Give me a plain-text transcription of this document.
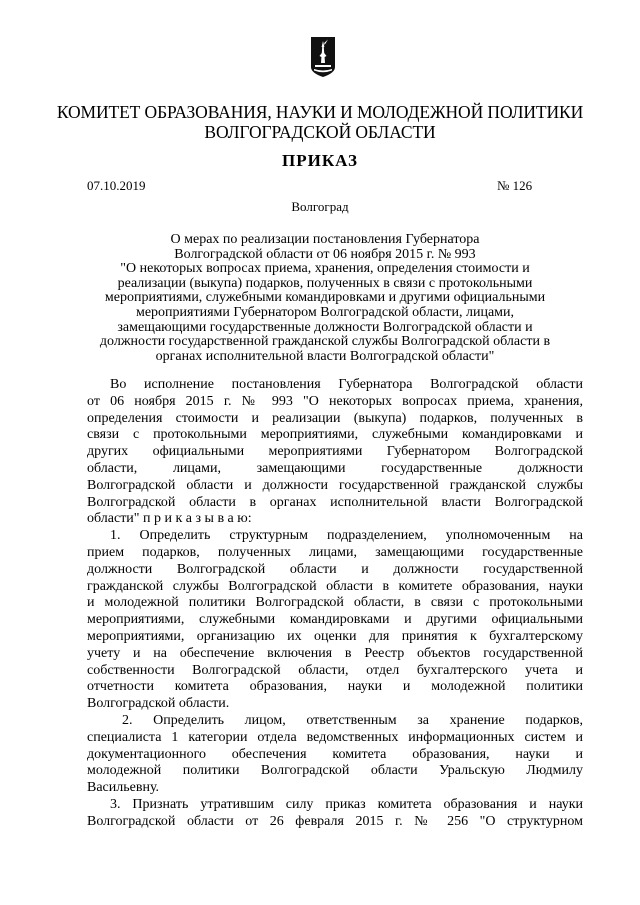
КОМИТЕТ ОБРАЗОВАНИЯ, НАУКИ И МОЛОДЕЖНОЙ ПОЛИТИКИ
ВОЛГОГРАДСКОЙ ОБЛАСТИ
ПРИКАЗ
07.10.2019	№ 126
Волгоград
О мерах по реализации постановления Губернатора
Волгоградской области от 06 ноября 2015 г. № 993
"О некоторых вопросах приема, хранения, определения стоимости и
реализации (выкупа) подарков, полученных в связи с протокольными
мероприятиями, служебными командировками и другими официальными
мероприятиями Губернатором Волгоградской области, лицами,
замещающими государственные должности Волгоградской области и
должности государственной гражданской службы Волгоградской области в
органах исполнительной власти Волгоградской области"
Во исполнение постановления Губернатора Волгоградской области
от 06 ноября 2015 г. № 993 "О некоторых вопросах приема, хранения,
определения стоимости и реализации (выкупа) подарков, полученных в
связи с протокольными мероприятиями, служебными командировками и
других официальными мероприятиями Губернатором Волгоградской
области, лицами, замещающими государственные должности
Волгоградской области и должности государственной гражданской службы
Волгоградской области в органах исполнительной власти Волгоградской
области" п р и к а з ы в а ю:
1. Определить структурным подразделением, уполномоченным на
прием подарков, полученных лицами, замещающими государственные
должности Волгоградской области и должности государственной
гражданской службы Волгоградской области в комитете образования, науки
и молодежной политики Волгоградской области, в связи с протокольными
мероприятиями, служебными командировками и другими официальными
мероприятиями, организацию их оценки для принятия к бухгалтерскому
учету и на обеспечение включения в Реестр объектов государственной
собственности Волгоградской области, отдел бухгалтерского учета и
отчетности комитета образования, науки и молодежной политики
Волгоградской области.
2. Определить лицом, ответственным за хранение подарков,
специалиста 1 категории отдела ведомственных информационных систем и
документационного обеспечения комитета образования, науки и
молодежной политики Волгоградской области Уральскую Людмилу
Васильевну.
3. Признать утратившим силу приказ комитета образования и науки
Волгоградской области от 26 февраля 2015 г. № 256 "О структурном
